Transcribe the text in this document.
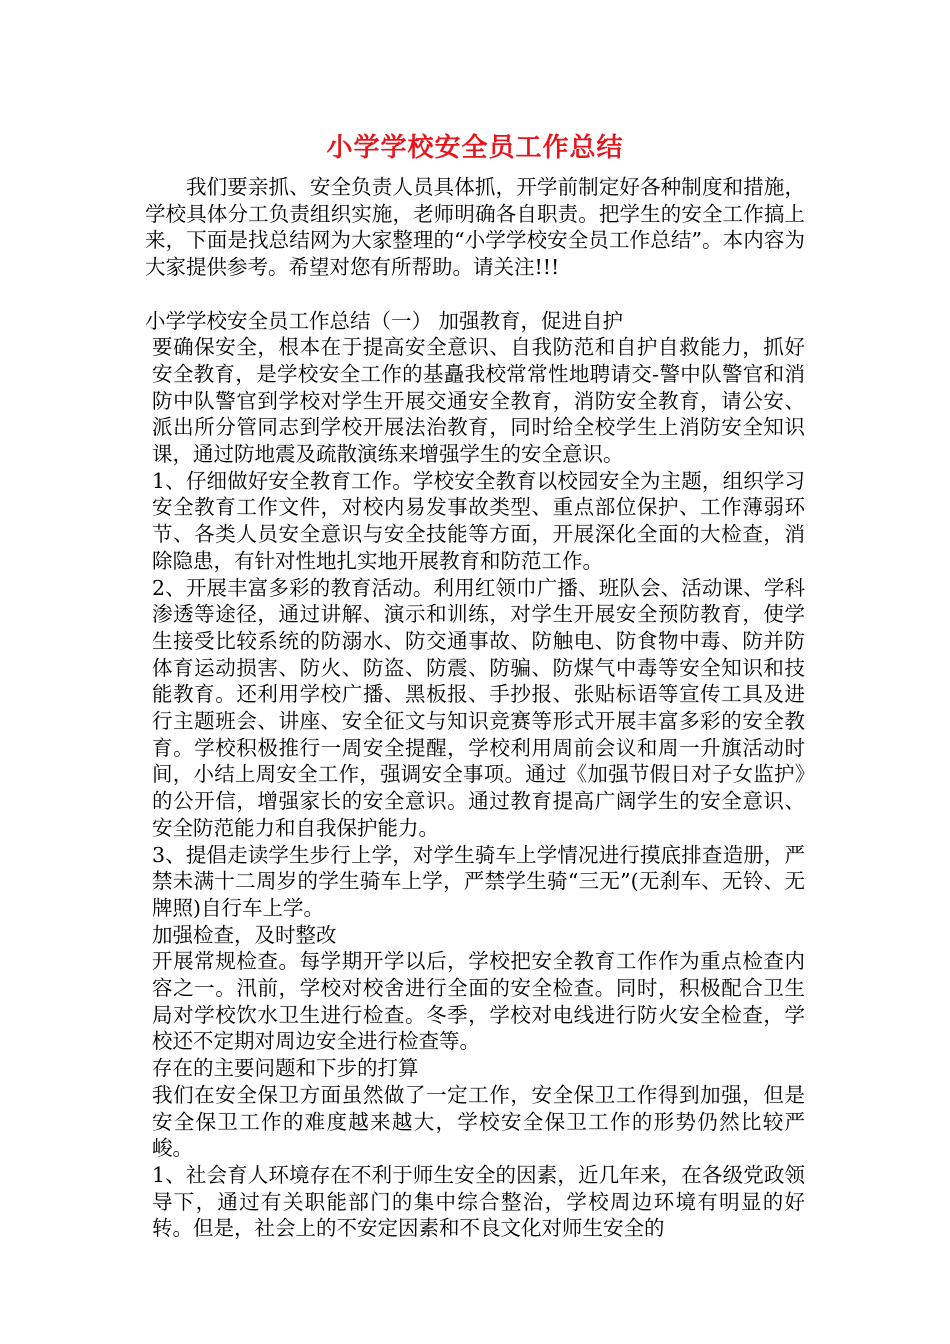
小学学校安全员工作总结

我们要亲抓、安全负责人员具体抓，开学前制定好各种制度和措施，学校具体分工负责组织实施，老师明确各自职责。把学生的安全工作搞上来，下面是找总结网为大家整理的“小学学校安全员工作总结”。本内容为大家提供参考。希望对您有所帮助。请关注!!!

小学学校安全员工作总结（一） 加强教育，促进自护

要确保安全，根本在于提高安全意识、自我防范和自护自救能力，抓好安全教育，是学校安全工作的基矗我校常常性地聘请交-警中队警官和消防中队警官到学校对学生开展交通安全教育，消防安全教育，请公安、派出所分管同志到学校开展法治教育，同时给全校学生上消防安全知识课，通过防地震及疏散演练来增强学生的安全意识。

1、仔细做好安全教育工作。学校安全教育以校园安全为主题，组织学习安全教育工作文件，对校内易发事故类型、重点部位保护、工作薄弱环节、各类人员安全意识与安全技能等方面，开展深化全面的大检查，消除隐患，有针对性地扎实地开展教育和防范工作。

2、开展丰富多彩的教育活动。利用红领巾广播、班队会、活动课、学科渗透等途径，通过讲解、演示和训练，对学生开展安全预防教育，使学生接受比较系统的防溺水、防交通事故、防触电、防食物中毒、防并防体育运动损害、防火、防盗、防震、防骗、防煤气中毒等安全知识和技能教育。还利用学校广播、黑板报、手抄报、张贴标语等宣传工具及进行主题班会、讲座、安全征文与知识竞赛等形式开展丰富多彩的安全教育。学校积极推行一周安全提醒，学校利用周前会议和周一升旗活动时间，小结上周安全工作，强调安全事项。通过《加强节假日对子女监护》的公开信，增强家长的安全意识。通过教育提高广阔学生的安全意识、安全防范能力和自我保护能力。

3、提倡走读学生步行上学，对学生骑车上学情况进行摸底排查造册，严禁未满十二周岁的学生骑车上学，严禁学生骑“三无”(无刹车、无铃、无牌照)自行车上学。

加强检查，及时整改

开展常规检查。每学期开学以后，学校把安全教育工作作为重点检查内容之一。汛前，学校对校舍进行全面的安全检查。同时，积极配合卫生局对学校饮水卫生进行检查。冬季，学校对电线进行防火安全检查，学校还不定期对周边安全进行检查等。

存在的主要问题和下步的打算

我们在安全保卫方面虽然做了一定工作，安全保卫工作得到加强，但是安全保卫工作的难度越来越大，学校安全保卫工作的形势仍然比较严峻。

1、社会育人环境存在不利于师生安全的因素，近几年来，在各级党政领导下，通过有关职能部门的集中综合整治，学校周边环境有明显的好转。但是，社会上的不安定因素和不良文化对师生安全的
